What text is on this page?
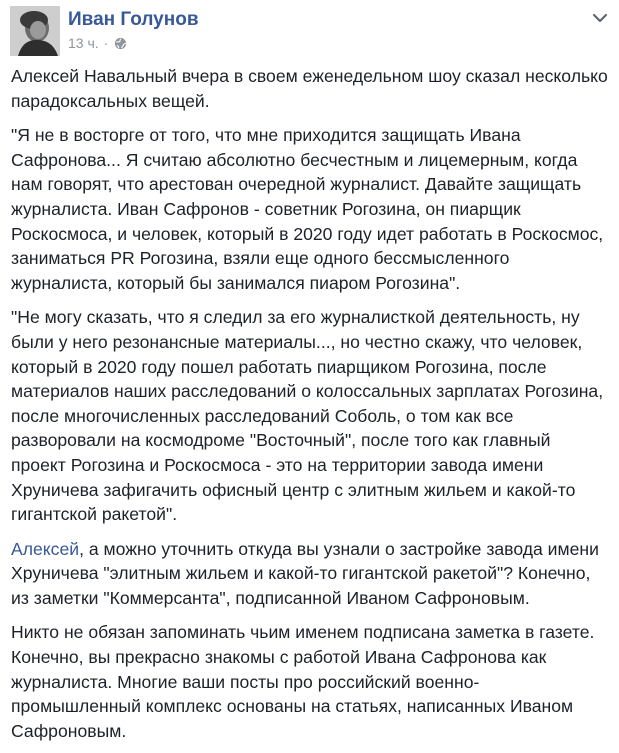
Иван Голунов
13 ч. ·

Алексей Навальный вчера в своем еженедельном шоу сказал несколько парадоксальных вещей.

"Я не в восторге от того, что мне приходится защищать Ивана Сафронова... Я считаю абсолютно бесчестным и лицемерным, когда нам говорят, что арестован очередной журналист. Давайте защищать журналиста. Иван Сафронов - советник Рогозина, он пиарщик Роскосмоса, и человек, который в 2020 году идет работать в Роскосмос, заниматься PR Рогозина, взяли еще одного бессмысленного журналиста, который бы занимался пиаром Рогозина".

"Не могу сказать, что я следил за его журналисткой деятельность, ну были у него резонансные материалы..., но честно скажу, что человек, который в 2020 году пошел работать пиарщиком Рогозина, после материалов наших расследований о колоссальных зарплатах Рогозина, после многочисленных расследований Соболь, о том как все разворовали на космодроме "Восточный", после того как главный проект Рогозина и Роскосмоса - это на территории завода имени Хруничева зафигачить офисный центр с элитным жильем и какой-то гигантской ракетой".

Алексей, а можно уточнить откуда вы узнали о застройке завода имени Хруничева "элитным жильем и какой-то гигантской ракетой"? Конечно, из заметки "Коммерсанта", подписанной Иваном Сафроновым.

Никто не обязан запоминать чьим именем подписана заметка в газете. Конечно, вы прекрасно знакомы с работой Ивана Сафронова как журналиста. Многие ваши посты про российский военно-промышленный комплекс основаны на статьях, написанных Иваном Сафроновым.
